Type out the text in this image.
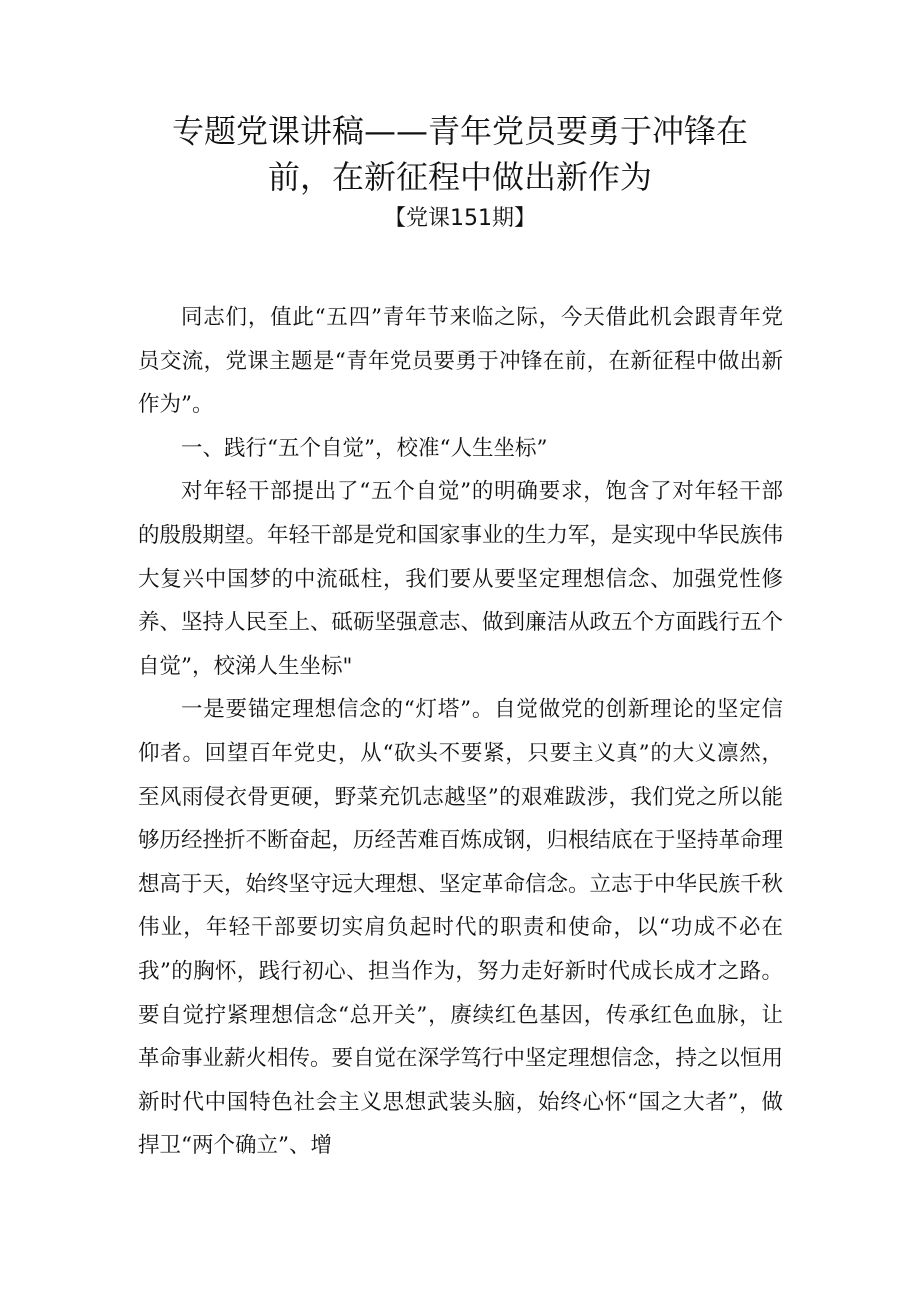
专题党课讲稿——青年党员要勇于冲锋在
前，在新征程中做出新作为
【党课151期】

同志们，值此“五四”青年节来临之际，今天借此机会跟青年党员交流，党课主题是“青年党员要勇于冲锋在前，在新征程中做出新作为”。

一、践行“五个自觉”，校准“人生坐标”

对年轻干部提出了“五个自觉”的明确要求，饱含了对年轻干部的殷殷期望。年轻干部是党和国家事业的生力军，是实现中华民族伟大复兴中国梦的中流砥柱，我们要从要坚定理想信念、加强党性修养、坚持人民至上、砥砺坚强意志、做到廉洁从政五个方面践行五个自觉”，校涕人生坐标"

一是要锚定理想信念的“灯塔”。自觉做党的创新理论的坚定信仰者。回望百年党史，从“砍头不要紧，只要主义真”的大义凛然，至风雨侵衣骨更硬，野菜充饥志越坚”的艰难跋涉，我们党之所以能够历经挫折不断奋起，历经苦难百炼成钢，归根结底在于坚持革命理想高于天，始终坚守远大理想、坚定革命信念。立志于中华民族千秋伟业，年轻干部要切实肩负起时代的职责和使命，以“功成不必在我”的胸怀，践行初心、担当作为，努力走好新时代成长成才之路。要自觉拧紧理想信念“总开关”，赓续红色基因，传承红色血脉，让革命事业薪火相传。要自觉在深学笃行中坚定理想信念，持之以恒用新时代中国特色社会主义思想武装头脑，始终心怀“国之大者”，做捍卫“两个确立”、增
